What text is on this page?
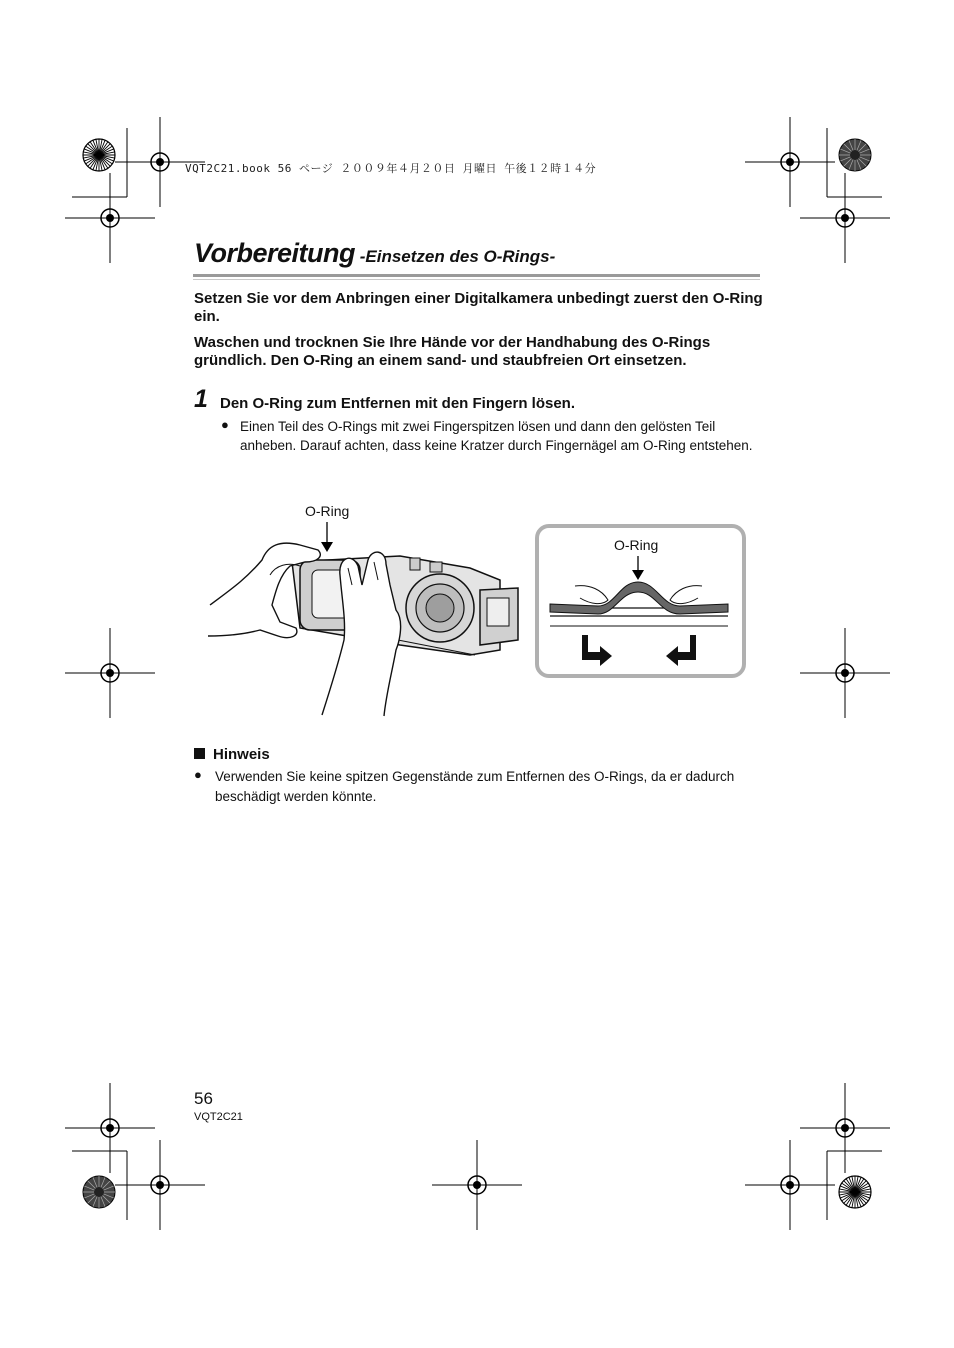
VQT2C21.book 56 ページ ２００９年４月２０日 月曜日 午後１２時１４分
Vorbereitung -Einsetzen des O-Rings-
Setzen Sie vor dem Anbringen einer Digitalkamera unbedingt zuerst den O-Ring ein.
Waschen und trocknen Sie Ihre Hände vor der Handhabung des O-Rings gründlich. Den O-Ring an einem sand- und staubfreien Ort einsetzen.
1 Den O-Ring zum Entfernen mit den Fingern lösen.
● Einen Teil des O-Rings mit zwei Fingerspitzen lösen und dann den gelösten Teil anheben. Darauf achten, dass keine Kratzer durch Fingernägel am O-Ring entstehen.
O-Ring
O-Ring
Hinweis
● Verwenden Sie keine spitzen Gegenstände zum Entfernen des O-Rings, da er dadurch beschädigt werden könnte.
56
VQT2C21
